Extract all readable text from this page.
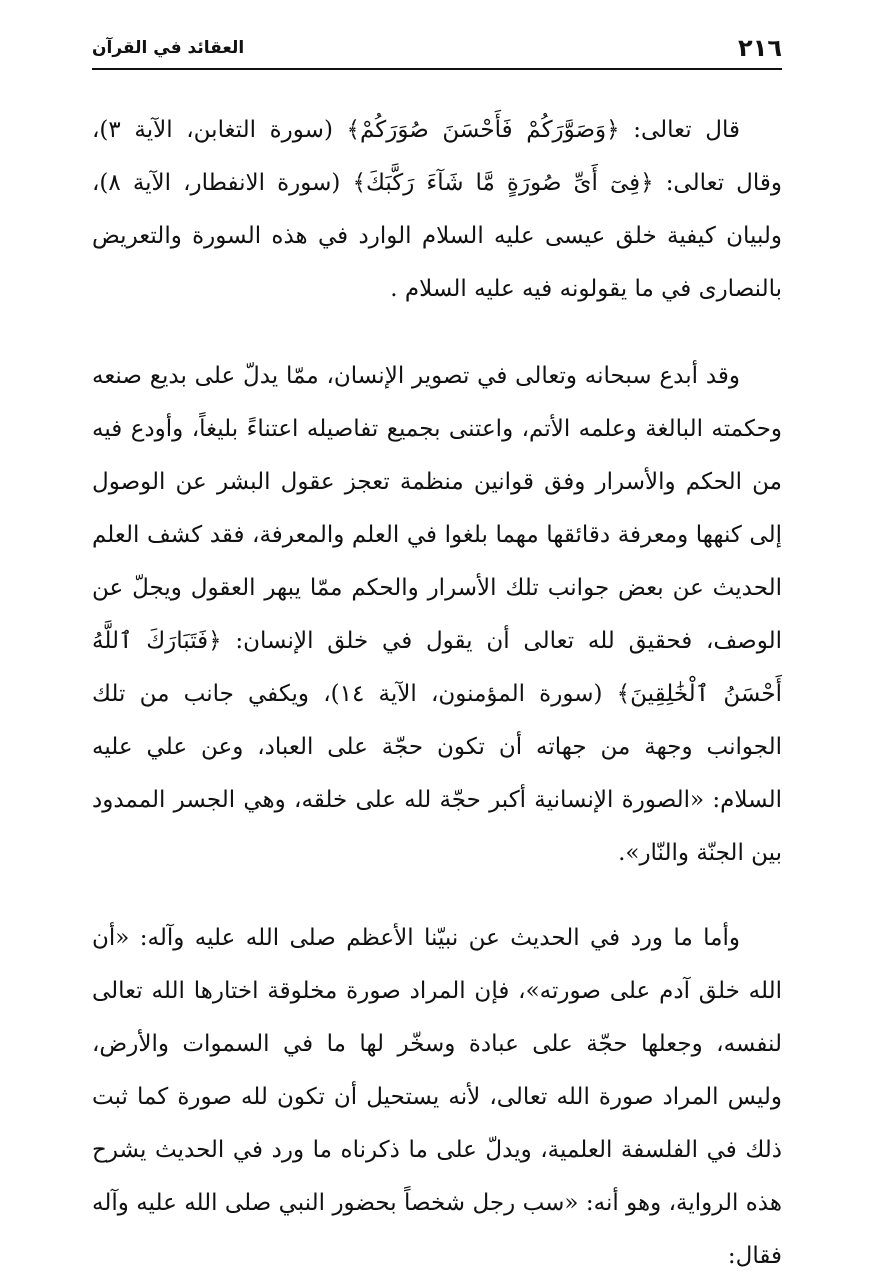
٢١٦
العقائد في القرآن

قال تعالى: ﴿وَصَوَّرَكُمْ فَأَحْسَنَ صُوَرَكُمْ﴾ (سورة التغابن، الآية ٣)، وقال تعالى: ﴿فِىٓ أَىِّ صُورَةٍ مَّا شَآءَ رَكَّبَكَ﴾ (سورة الانفطار، الآية ٨)، ولبيان كيفية خلق عيسى عليه السلام الوارد في هذه السورة والتعريض بالنصارى في ما يقولونه فيه عليه السلام .

وقد أبدع سبحانه وتعالى في تصوير الإنسان، ممّا يدلّ على بديع صنعه وحكمته البالغة وعلمه الأتم، واعتنى بجميع تفاصيله اعتناءً بليغاً، وأودع فيه من الحكم والأسرار وفق قوانين منظمة تعجز عقول البشر عن الوصول إلى كنهها ومعرفة دقائقها مهما بلغوا في العلم والمعرفة، فقد كشف العلم الحديث عن بعض جوانب تلك الأسرار والحكم ممّا يبهر العقول ويجلّ عن الوصف، فحقيق لله تعالى أن يقول في خلق الإنسان: ﴿فَتَبَارَكَ ٱللَّهُ أَحْسَنُ ٱلْخَٰلِقِينَ﴾ (سورة المؤمنون، الآية ١٤)، ويكفي جانب من تلك الجوانب وجهة من جهاته أن تكون حجّة على العباد، وعن علي عليه السلام: «الصورة الإنسانية أكبر حجّة لله على خلقه، وهي الجسر الممدود بين الجنّة والنّار».

وأما ما ورد في الحديث عن نبيّنا الأعظم صلى الله عليه وآله: «أن الله خلق آدم على صورته»، فإن المراد صورة مخلوقة اختارها الله تعالى لنفسه، وجعلها حجّة على عبادة وسخّر لها ما في السموات والأرض، وليس المراد صورة الله تعالى، لأنه يستحيل أن تكون لله صورة كما ثبت ذلك في الفلسفة العلمية، ويدلّ على ما ذكرناه ما ورد في الحديث يشرح هذه الرواية، وهو أنه: «سب رجل شخصاً بحضور النبي صلى الله عليه وآله فقال:
